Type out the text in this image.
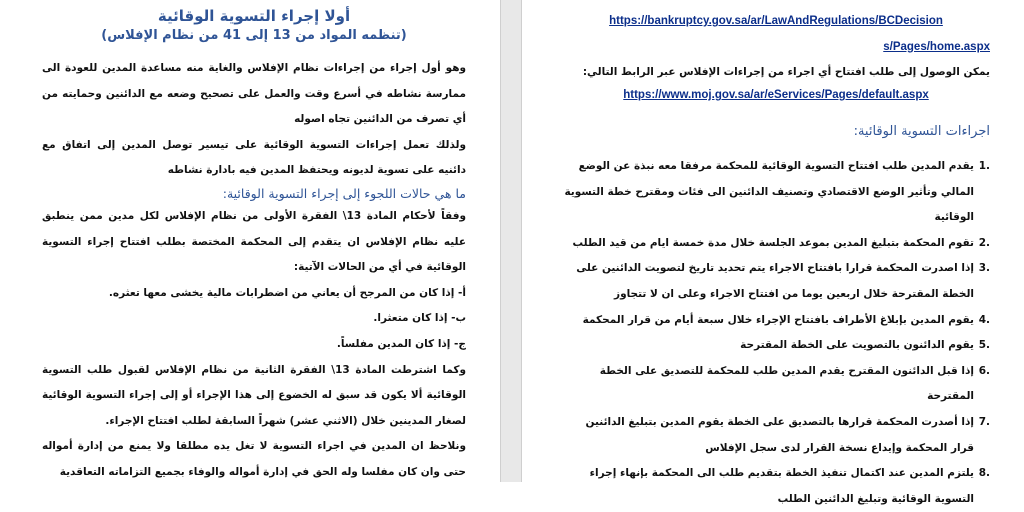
أولا إجراء التسوية الوقائية

(تنظمه المواد من 13 إلى 41 من نظام الإفلاس)

وهو أول إجراء من إجراءات نظام الإفلاس والغاية منه مساعدة المدين للعودة الى ممارسة نشاطه في أسرع وقت والعمل على تصحيح وضعه مع الدائنين وحمايته من أي تصرف من الدائنين تجاه اصوله

ولذلك تعمل إجراءات التسوية الوقائية على تيسير توصل المدين إلى اتفاق مع دائنيه على تسوية لديونه ويحتفظ المدين فيه بادارة نشاطه

ما هي حالات اللجوء إلى إجراء التسوية الوقائية:

وفقاً لأحكام المادة 13\ الفقرة الأولى من نظام الإفلاس لكل مدين ممن ينطبق عليه نظام الإفلاس ان يتقدم إلى المحكمة المختصة بطلب افتتاح إجراء التسوية الوقائية في أي من الحالات الآتية:

أ- إذا كان من المرجح أن يعاني من اضطرابات مالية يخشى معها تعثره.

ب- إذا كان متعثرا.

ج- إذا كان المدين مفلساً.

وكما اشترطت المادة 13\ الفقرة الثانية من نظام الإفلاس لقبول طلب التسوية الوقائية ألا يكون قد سبق له الخضوع إلى هذا الإجراء أو إلى إجراء التسوية الوقائية لصغار المدينين خلال (الاثني عشر) شهراً السابقة لطلب افتتاح الإجراء.

ونلاحظ ان المدين في اجراء التسوية لا تغل يده مطلقا ولا يمنع من إدارة أمواله حتى وان كان مفلسا وله الحق في إدارة أمواله والوفاء بجميع التزاماته التعاقدية

https://bankruptcy.gov.sa/ar/LawAndRegulations/BCDecision

s/Pages/home.aspx

يمكن الوصول إلى طلب افتتاح أي اجراء من إجراءات الإفلاس عبر الرابط التالي:

https://www.moj.gov.sa/ar/eServices/Pages/default.aspx

اجراءات التسوية الوقائية:

1.
يقدم المدين طلب افتتاح التسوية الوقائية للمحكمة مرفقا معه نبذة عن الوضع المالي وتأثير الوضع الاقتصادي وتصنيف الدائنين الى فئات ومقترح خطة التسوية الوقائية
2.
تقوم المحكمة بتبليغ المدين بموعد الجلسة خلال مدة خمسة ايام من قيد الطلب
3.
إذا اصدرت المحكمة قرارا بافتتاح الاجراء يتم تحديد تاريخ لتصويت الدائنين على الخطة المقترحة خلال اربعين يوما من افتتاح الاجراء وعلى ان لا تتجاوز
4.
يقوم المدين بإبلاغ الأطراف بافتتاح الإجراء خلال سبعة أيام من قرار المحكمة
5.
يقوم الدائنون بالتصويت على الخطة المقترحة
6.
إذا قبل الدائنون المقترح يقدم المدين طلب للمحكمة للتصديق على الخطة المقترحة
7.
إذا أصدرت المحكمة قرارها بالتصديق على الخطة يقوم المدين بتبليغ الدائنين قرار المحكمة وإيداع نسخة القرار لدى سجل الإفلاس
8.
يلتزم المدين عند اكتمال تنفيذ الخطة بتقديم طلب الى المحكمة بإنهاء إجراء التسوية الوقائية وتبليغ الدائنين الطلب
